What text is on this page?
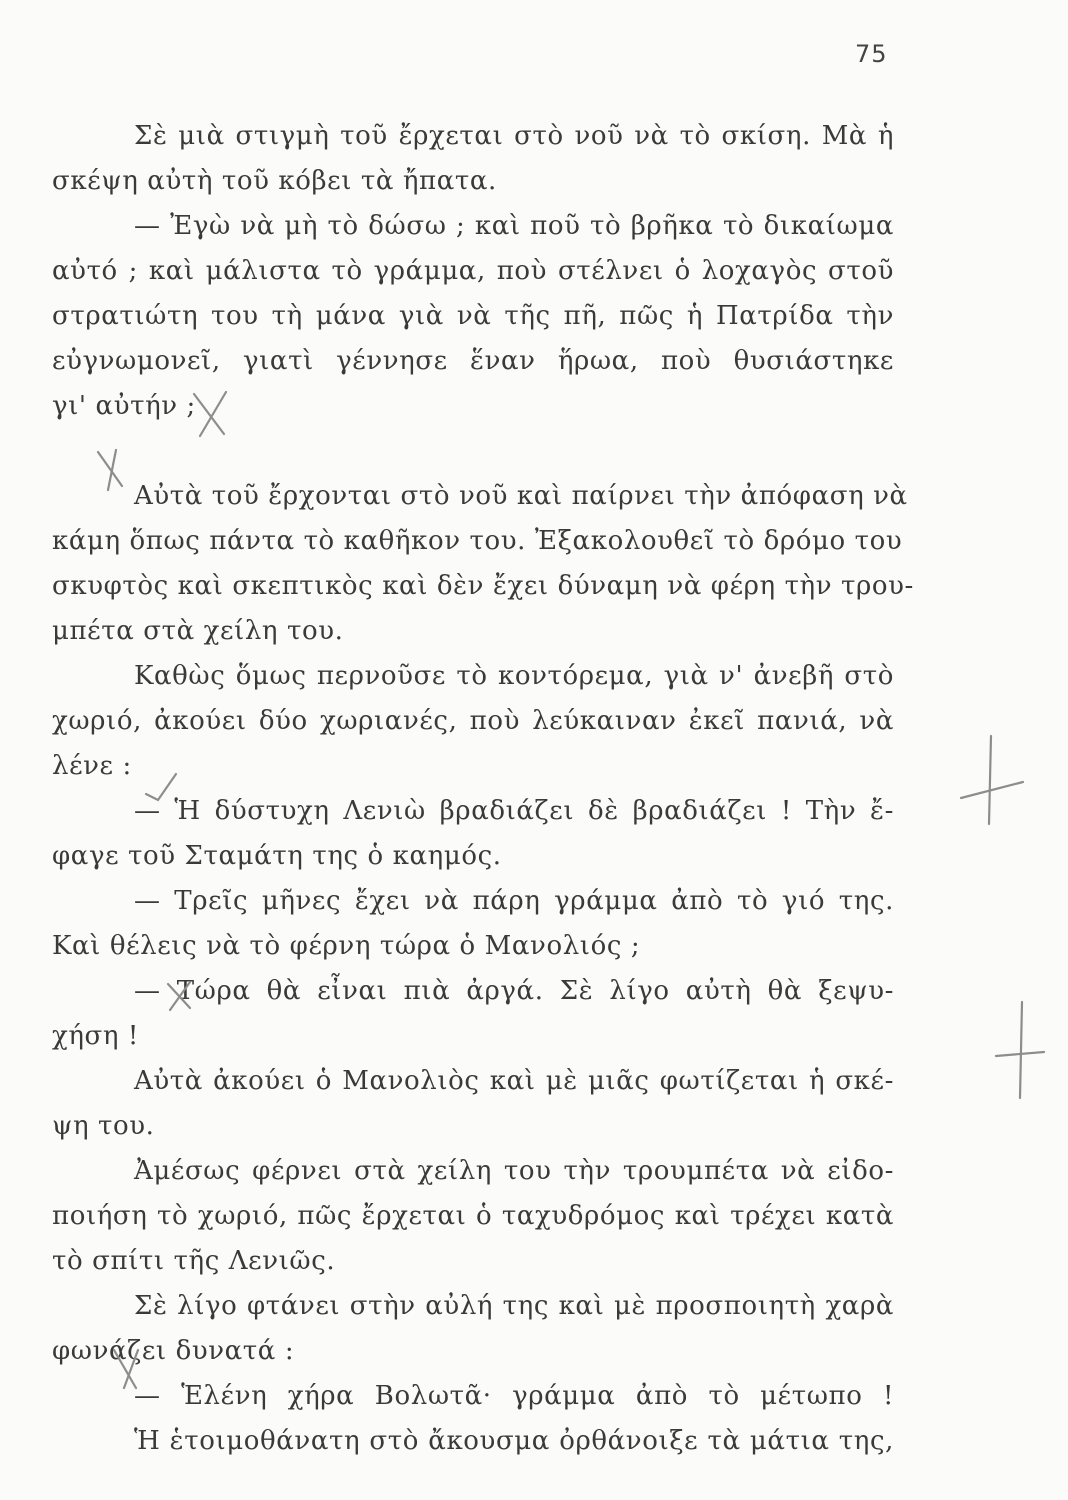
75
Σὲ μιὰ στιγμὴ τοῦ ἔρχεται στὸ νοῦ νὰ τὸ σκίση. Μὰ ἡ
σκέψη αὐτὴ τοῦ κόβει τὰ ἤπατα.
— Ἐγὼ νὰ μὴ τὸ δώσω ; καὶ ποῦ τὸ βρῆκα τὸ δικαίωμα
αὐτό ; καὶ μάλιστα τὸ γράμμα, ποὺ στέλνει ὁ λοχαγὸς στοῦ
στρατιώτη του τὴ μάνα γιὰ νὰ τῆς πῆ, πῶς ἡ Πατρίδα τὴν
εὐγνωμονεῖ, γιατὶ γέννησε ἕναν ἥρωα, ποὺ θυσιάστηκε
γι' αὐτήν ;
Αὐτὰ τοῦ ἔρχονται στὸ νοῦ καὶ παίρνει τὴν ἀπόφαση νὰ
κάμη ὅπως πάντα τὸ καθῆκον του. Ἐξακολουθεῖ τὸ δρόμο του
σκυφτὸς καὶ σκεπτικὸς καὶ δὲν ἔχει δύναμη νὰ φέρη τὴν τρου-
μπέτα στὰ χείλη του.
Καθὼς ὅμως περνοῦσε τὸ κοντόρεμα, γιὰ ν' ἀνεβῆ στὸ
χωριό, ἀκούει δύο χωριανές, ποὺ λεύκαιναν ἐκεῖ πανιά, νὰ
λένε :
— Ἡ δύστυχη Λενιὼ βραδιάζει δὲ βραδιάζει ! Τὴν ἔ-
φαγε τοῦ Σταμάτη της ὁ καημός.
— Τρεῖς μῆνες ἔχει νὰ πάρη γράμμα ἀπὸ τὸ γιό της.
Καὶ θέλεις νὰ τὸ φέρνη τώρα ὁ Μανολιός ;
— Τώρα θὰ εἶναι πιὰ ἀργά. Σὲ λίγο αὐτὴ θὰ ξεψυ-
χήση !
Αὐτὰ ἀκούει ὁ Μανολιὸς καὶ μὲ μιᾶς φωτίζεται ἡ σκέ-
ψη του.
Ἀμέσως φέρνει στὰ χείλη του τὴν τρουμπέτα νὰ εἰδο-
ποιήση τὸ χωριό, πῶς ἔρχεται ὁ ταχυδρόμος καὶ τρέχει κατὰ
τὸ σπίτι τῆς Λενιῶς.
Σὲ λίγο φτάνει στὴν αὐλή της καὶ μὲ προσποιητὴ χαρὰ
φωνάζει δυνατά :
— Ἑλένη χήρα Βολωτᾶ· γράμμα ἀπὸ τὸ μέτωπο !
Ἡ ἑτοιμοθάνατη στὸ ἄκουσμα ὀρθάνοιξε τὰ μάτια της,
